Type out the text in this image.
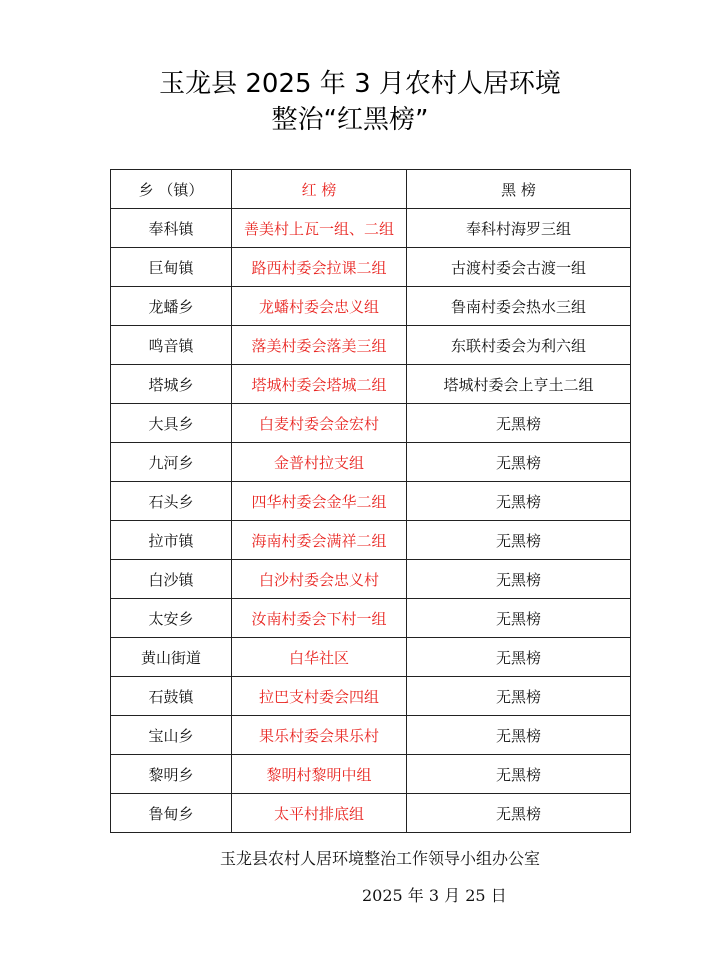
玉龙县 2025 年 3 月农村人居环境
整治“红黑榜”
乡 （镇）	红 榜	黑 榜
奉科镇	善美村上瓦一组、二组	奉科村海罗三组
巨甸镇	路西村委会拉课二组	古渡村委会古渡一组
龙蟠乡	龙蟠村委会忠义组	鲁南村委会热水三组
鸣音镇	落美村委会落美三组	东联村委会为利六组
塔城乡	塔城村委会塔城二组	塔城村委会上亨土二组
大具乡	白麦村委会金宏村	无黑榜
九河乡	金普村拉支组	无黑榜
石头乡	四华村委会金华二组	无黑榜
拉市镇	海南村委会满祥二组	无黑榜
白沙镇	白沙村委会忠义村	无黑榜
太安乡	汝南村委会下村一组	无黑榜
黄山街道	白华社区	无黑榜
石鼓镇	拉巴支村委会四组	无黑榜
宝山乡	果乐村委会果乐村	无黑榜
黎明乡	黎明村黎明中组	无黑榜
鲁甸乡	太平村排底组	无黑榜
玉龙县农村人居环境整治工作领导小组办公室
2025 年 3 月 25 日
